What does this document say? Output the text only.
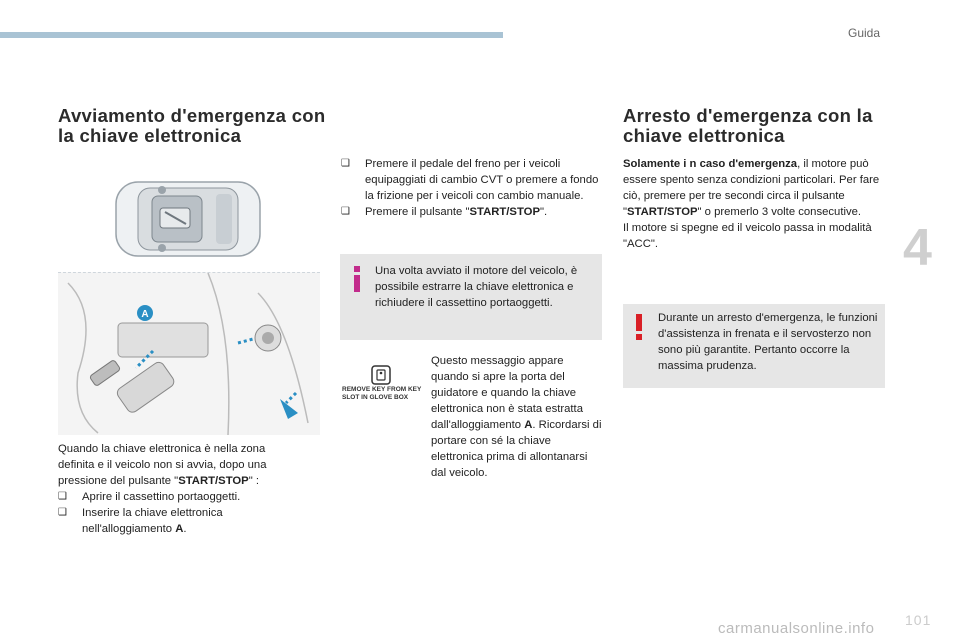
Guida
4
101
carmanualsonline.info
Avviamento d'emergenza con la chiave elettronica
A
Quando la chiave elettronica è nella zona definita e il veicolo non si avvia, dopo una pressione del pulsante "START/STOP" :
❑	Aprire il cassettino portaoggetti.
❑	Inserire la chiave elettronica nell'alloggiamento A.
❑	Premere il pedale del freno per i veicoli equipaggiati di cambio CVT o premere a fondo la frizione per i veicoli con cambio manuale.
❑	Premere il pulsante "START/STOP".
Una volta avviato il motore del veicolo, è possibile estrarre la chiave elettronica e richiudere il cassettino portaoggetti.
REMOVE KEY FROM KEY SLOT IN GLOVE BOX
Questo messaggio appare quando si apre la porta del guidatore e quando la chiave elettronica non è stata estratta dall'alloggiamento A. Ricordarsi di portare con sé la chiave elettronica prima di allontanarsi dal veicolo.
Arresto d'emergenza con la chiave elettronica
Solamente i n caso d'emergenza, il motore può essere spento senza condizioni particolari. Per fare ciò, premere per tre secondi circa il pulsante "START/STOP" o premerlo 3 volte consecutive.
Il motore si spegne ed il veicolo passa in modalità "ACC".
Durante un arresto d'emergenza, le funzioni d'assistenza in frenata e il servosterzo non sono più garantite. Pertanto occorre la massima prudenza.
